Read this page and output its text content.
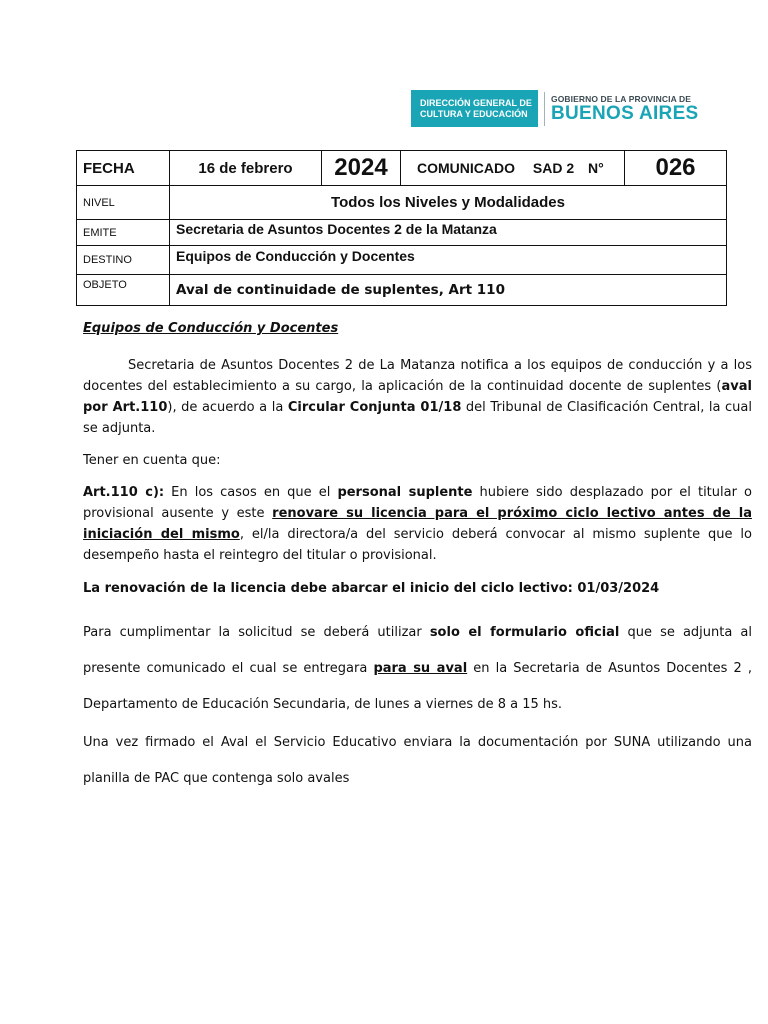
DIRECCIÓN GENERAL DE
CULTURA Y EDUCACIÓN
GOBIERNO DE LA PROVINCIA DE
BUENOS AIRES
FECHA	16 de febrero	2024	COMUNICADO SAD 2 N°	026
NIVEL	Todos los Niveles y Modalidades			
EMITE	Secretaria de Asuntos Docentes 2 de la Matanza			
DESTINO	Equipos de Conducción y Docentes			
OBJETO	Aval de continuidade de suplentes, Art 110			

Equipos de Conducción y Docentes

Secretaria de Asuntos Docentes 2 de La Matanza notifica a los equipos de conducción y a los docentes del establecimiento a su cargo, la aplicación de la continuidad docente de suplentes (aval por Art.110), de acuerdo a la Circular Conjunta 01/18 del Tribunal de Clasificación Central, la cual se adjunta.

Tener en cuenta que:

Art.110 c): En los casos en que el personal suplente hubiere sido desplazado por el titular o provisional ausente y este renovare su licencia para el próximo ciclo lectivo antes de la iniciación del mismo, el/la directora/a del servicio deberá convocar al mismo suplente que lo desempeño hasta el reintegro del titular o provisional.

La renovación de la licencia debe abarcar el inicio del ciclo lectivo: 01/03/2024

Para cumplimentar la solicitud se deberá utilizar solo el formulario oficial que se adjunta al presente comunicado el cual se entregara para su aval en la Secretaria de Asuntos Docentes 2 , Departamento de Educación Secundaria, de lunes a viernes de 8 a 15 hs.

Una vez firmado el Aval el Servicio Educativo enviara la documentación por SUNA utilizando una planilla de PAC que contenga solo avales
